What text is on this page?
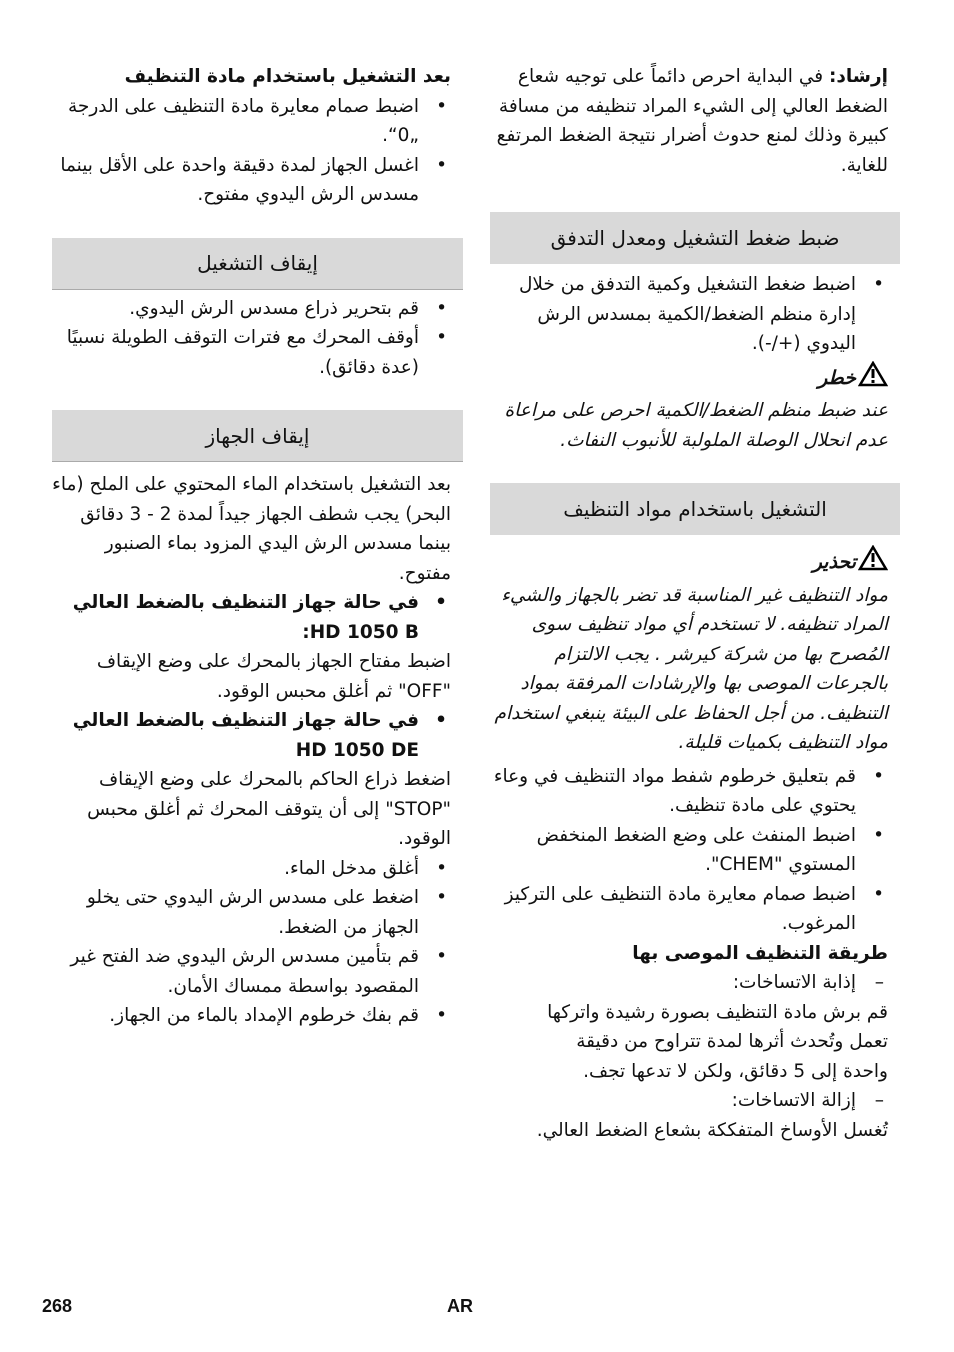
إرشاد: في البداية احرص دائماً على توجيه شعاع الضغط العالي إلى الشيء المراد تنظيفه من مسافة كبيرة وذلك لمنع حدوث أضرار نتيجة الضغط المرتفع للغاية.

ضبط ضغط التشغيل ومعدل التدفق

• اضبط ضغط التشغيل وكمية التدفق من خلال إدارة منظم الضغط/الكمية بمسدس الرش اليدوي (+/-).

خطر

عند ضبط منظم الضغط/الكمية احرص على مراعاة عدم انحلال الوصلة الملولبة للأنبوب النفاث.

التشغيل باستخدام مواد التنظيف
تحذير

مواد التنظيف غير المناسبة قد تضر بالجهاز والشيء المراد تنظيفه. لا تستخدم أي مواد تنظيف سوى المُصرح بها من شركة كيرشر . يجب الالتزام بالجرعات الموصى بها والإرشادات المرفقة بمواد التنظيف. من أجل الحفاظ على البيئة ينبغي استخدام مواد التنظيف بكميات قليلة.

• قم بتعليق خرطوم شفط مواد التنظيف في وعاء يحتوي على مادة تنظيف.

• اضبط المنفث على وضع الضغط المنخفض المستوي "CHEM".

• اضبط صمام معايرة مادة التنظيف على التركيز المرغوب.

طريقة التنظيف الموصى بها

– إذابة الاتساخات:

قم برش مادة التنظيف بصورة رشيدة واتركها تعمل وتُحدث أثرها لمدة تتراوح من دقيقة واحدة إلى 5 دقائق، ولكن لا تدعها تجف.

– إزالة الاتساخات:

تُغسل الأوساخ المتفككة بشعاع الضغط العالي.

بعد التشغيل باستخدام مادة التنظيف

• اضبط صمام معايرة مادة التنظيف على الدرجة „0“.

• اغسل الجهاز لمدة دقيقة واحدة على الأقل بينما مسدس الرش اليدوي مفتوح.

إيقاف التشغيل

• قم بتحرير ذراع مسدس الرش اليدوي.

• أوقف المحرك مع فترات التوقف الطويلة نسبيًا (عدة دقائق).

إيقاف الجهاز

بعد التشغيل باستخدام الماء المحتوي على الملح (ماء البحر) يجب شطف الجهاز جيداً لمدة 2 - 3 دقائق بينما مسدس الرش اليدي المزود بماء الصنبور مفتوح.

• في حالة جهاز التنظيف بالضغط العالي HD 1050 B:

اضبط مفتاح الجهاز بالمحرك على وضع الإيقاف "OFF" ثم أغلق محبس الوقود.

• في حالة جهاز التنظيف بالضغط العالي HD 1050 DE

اضغط ذراع الحاكم بالمحرك على وضع الإيقاف "STOP" إلى أن يتوقف المحرك ثم أغلق محبس الوقود.

• أغلق مدخل الماء.

• اضغط على مسدس الرش اليدوي حتى يخلو الجهاز من الضغط.

• قم بتأمين مسدس الرش اليدوي ضد الفتح غير المقصود بواسطة ممساك الأمان.

• قم بفك خرطوم الإمداد بالماء من الجهاز.

268	AR
